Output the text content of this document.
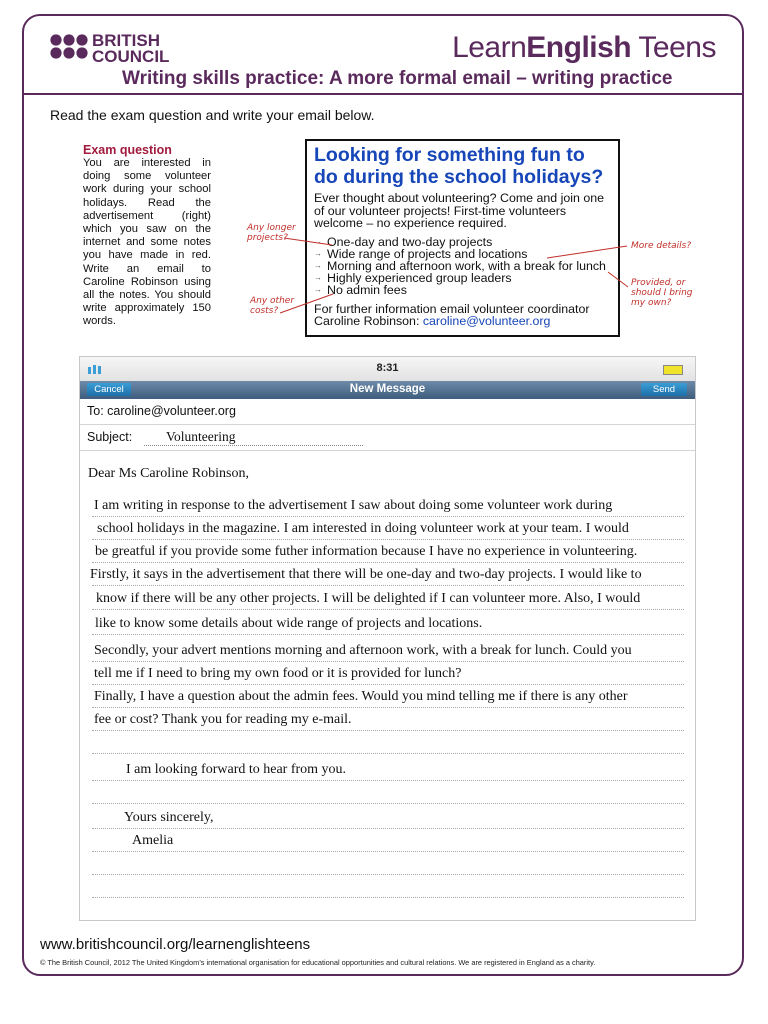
BRITISH
COUNCIL	LearnEnglish Teens
Writing skills practice: A more formal email – writing practice
Read the exam question and write your email below.
Exam question
You are interested in doing some volunteer work during your school holidays. Read the advertisement (right) which you saw on the internet and some notes you have made in red. Write an email to Caroline Robinson using all the notes. You should write approximately 150 words.
Looking for something fun to do during the school holidays?
Ever thought about volunteering? Come and join one of our volunteer projects! First-time volunteers welcome – no experience required.
→ One-day and two-day projects
→ Wide range of projects and locations
→ Morning and afternoon work, with a break for lunch
→ Highly experienced group leaders
→ No admin fees
For further information email volunteer coordinator
Caroline Robinson: caroline@volunteer.org
Any longer projects?
Any other costs?
More details?
Provided, or should I bring my own?
8:31
Cancel	New Message	Send
To: caroline@volunteer.org
Subject:	Volunteering
Dear Ms Caroline Robinson,
I am writing in response to the advertisement I saw about doing some volunteer work during
school holidays in the magazine. I am interested in doing volunteer work at your team. I would
be greatful if you provide some futher information because I have no experience in volunteering.
Firstly, it says in the advertisement that there will be one-day and two-day projects. I would like to
know if there will be any other projects. I will be delighted if I can volunteer more. Also, I would
like to know some details about wide range of projects and locations.
Secondly, your advert mentions morning and afternoon work, with a break for lunch. Could you
tell me if I need to bring my own food or it is provided for lunch?
Finally, I have a question about the admin fees. Would you mind telling me if there is any other
fee or cost? Thank you for reading my e-mail.
I am looking forward to hear from you.
Yours sincerely,
Amelia
www.britishcouncil.org/learnenglishteens
© The British Council, 2012 The United Kingdom’s international organisation for educational opportunities and cultural relations. We are registered in England as a charity.
